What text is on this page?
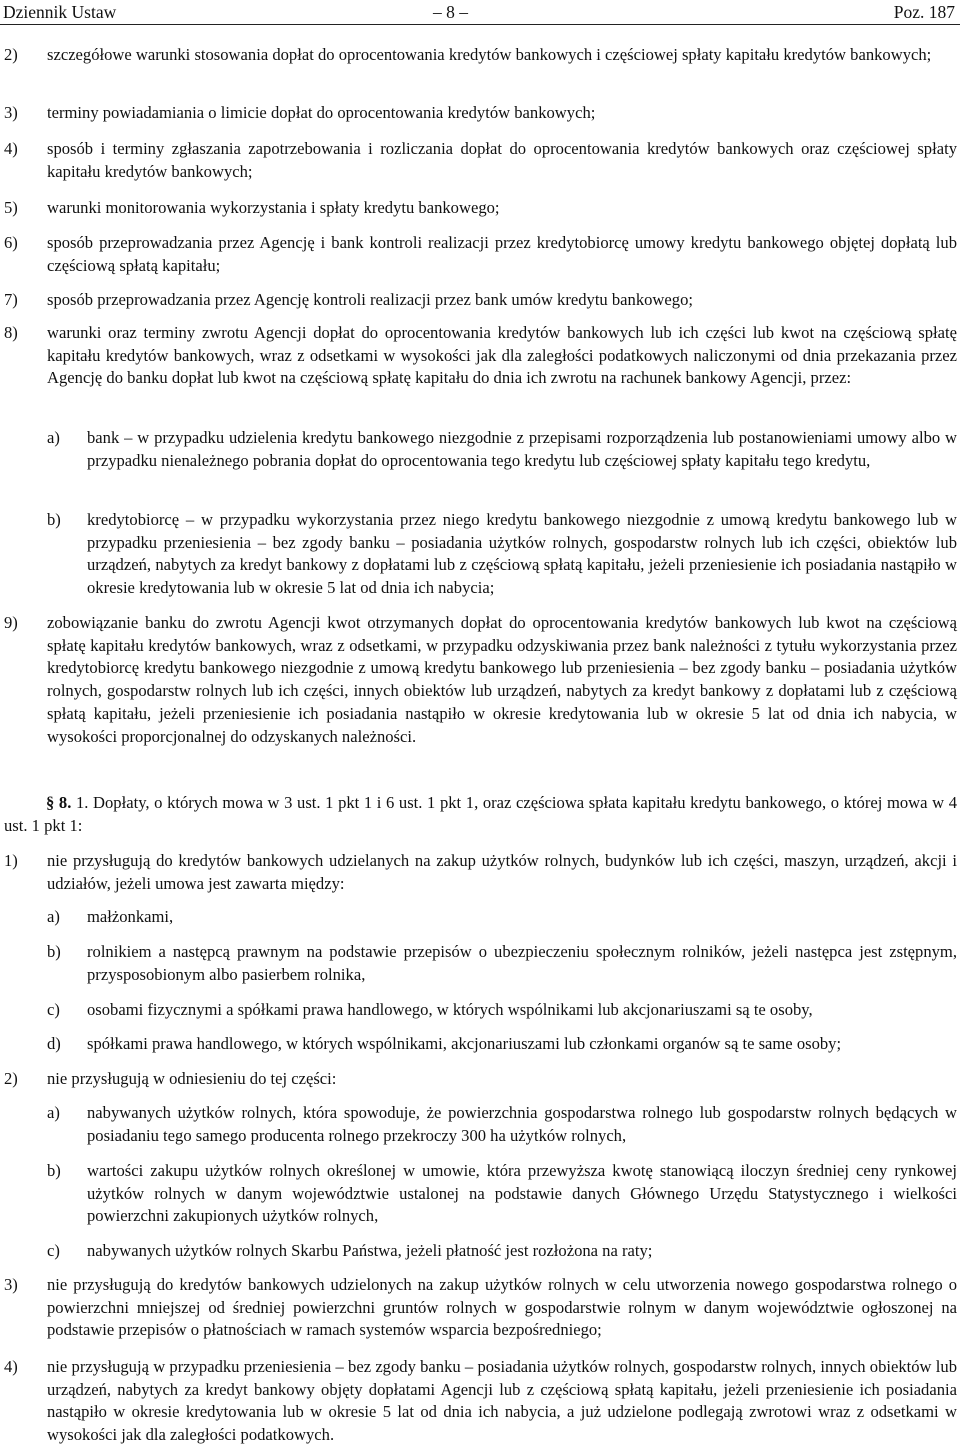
Dziennik Ustaw	– 8 –	Poz. 187
2) szczegółowe warunki stosowania dopłat do oprocentowania kredytów bankowych i częściowej spłaty kapitału kredytów bankowych;
3) terminy powiadamiania o limicie dopłat do oprocentowania kredytów bankowych;
4) sposób i terminy zgłaszania zapotrzebowania i rozliczania dopłat do oprocentowania kredytów bankowych oraz częściowej spłaty kapitału kredytów bankowych;
5) warunki monitorowania wykorzystania i spłaty kredytu bankowego;
6) sposób przeprowadzania przez Agencję i bank kontroli realizacji przez kredytobiorcę umowy kredytu bankowego objętej dopłatą lub częściową spłatą kapitału;
7) sposób przeprowadzania przez Agencję kontroli realizacji przez bank umów kredytu bankowego;
8) warunki oraz terminy zwrotu Agencji dopłat do oprocentowania kredytów bankowych lub ich części lub kwot na częściową spłatę kapitału kredytów bankowych, wraz z odsetkami w wysokości jak dla zaległości podatkowych naliczonymi od dnia przekazania przez Agencję do banku dopłat lub kwot na częściową spłatę kapitału do dnia ich zwrotu na rachunek bankowy Agencji, przez:
a) bank – w przypadku udzielenia kredytu bankowego niezgodnie z przepisami rozporządzenia lub postanowieniami umowy albo w przypadku nienależnego pobrania dopłat do oprocentowania tego kredytu lub częściowej spłaty kapitału tego kredytu,
b) kredytobiorcę – w przypadku wykorzystania przez niego kredytu bankowego niezgodnie z umową kredytu bankowego lub w przypadku przeniesienia – bez zgody banku – posiadania użytków rolnych, gospodarstw rolnych lub ich części, obiektów lub urządzeń, nabytych za kredyt bankowy z dopłatami lub z częściową spłatą kapitału, jeżeli przeniesienie ich posiadania nastąpiło w okresie kredytowania lub w okresie 5 lat od dnia ich nabycia;
9) zobowiązanie banku do zwrotu Agencji kwot otrzymanych dopłat do oprocentowania kredytów bankowych lub kwot na częściową spłatę kapitału kredytów bankowych, wraz z odsetkami, w przypadku odzyskiwania przez bank należności z tytułu wykorzystania przez kredytobiorcę kredytu bankowego niezgodnie z umową kredytu bankowego lub przeniesienia – bez zgody banku – posiadania użytków rolnych, gospodarstw rolnych lub ich części, innych obiektów lub urządzeń, nabytych za kredyt bankowy z dopłatami lub z częściową spłatą kapitału, jeżeli przeniesienie ich posiadania nastąpiło w okresie kredytowania lub w okresie 5 lat od dnia ich nabycia, w wysokości proporcjonalnej do odzyskanych należności.
§ 8. 1. Dopłaty, o których mowa w 3 ust. 1 pkt 1 i 6 ust. 1 pkt 1, oraz częściowa spłata kapitału kredytu bankowego, o której mowa w 4 ust. 1 pkt 1:
1) nie przysługują do kredytów bankowych udzielanych na zakup użytków rolnych, budynków lub ich części, maszyn, urządzeń, akcji i udziałów, jeżeli umowa jest zawarta między:
a) małżonkami,
b) rolnikiem a następcą prawnym na podstawie przepisów o ubezpieczeniu społecznym rolników, jeżeli następca jest zstępnym, przysposobionym albo pasierbem rolnika,
c) osobami fizycznymi a spółkami prawa handlowego, w których wspólnikami lub akcjonariuszami są te osoby,
d) spółkami prawa handlowego, w których wspólnikami, akcjonariuszami lub członkami organów są te same osoby;
2) nie przysługują w odniesieniu do tej części:
a) nabywanych użytków rolnych, która spowoduje, że powierzchnia gospodarstwa rolnego lub gospodarstw rolnych będących w posiadaniu tego samego producenta rolnego przekroczy 300 ha użytków rolnych,
b) wartości zakupu użytków rolnych określonej w umowie, która przewyższa kwotę stanowiącą iloczyn średniej ceny rynkowej użytków rolnych w danym województwie ustalonej na podstawie danych Głównego Urzędu Statystycznego i wielkości powierzchni zakupionych użytków rolnych,
c) nabywanych użytków rolnych Skarbu Państwa, jeżeli płatność jest rozłożona na raty;
3) nie przysługują do kredytów bankowych udzielonych na zakup użytków rolnych w celu utworzenia nowego gospodarstwa rolnego o powierzchni mniejszej od średniej powierzchni gruntów rolnych w gospodarstwie rolnym w danym województwie ogłoszonej na podstawie przepisów o płatnościach w ramach systemów wsparcia bezpośredniego;
4) nie przysługują w przypadku przeniesienia – bez zgody banku – posiadania użytków rolnych, gospodarstw rolnych, innych obiektów lub urządzeń, nabytych za kredyt bankowy objęty dopłatami Agencji lub z częściową spłatą kapitału, jeżeli przeniesienie ich posiadania nastąpiło w okresie kredytowania lub w okresie 5 lat od dnia ich nabycia, a już udzielone podlegają zwrotowi wraz z odsetkami w wysokości jak dla zaległości podatkowych.
